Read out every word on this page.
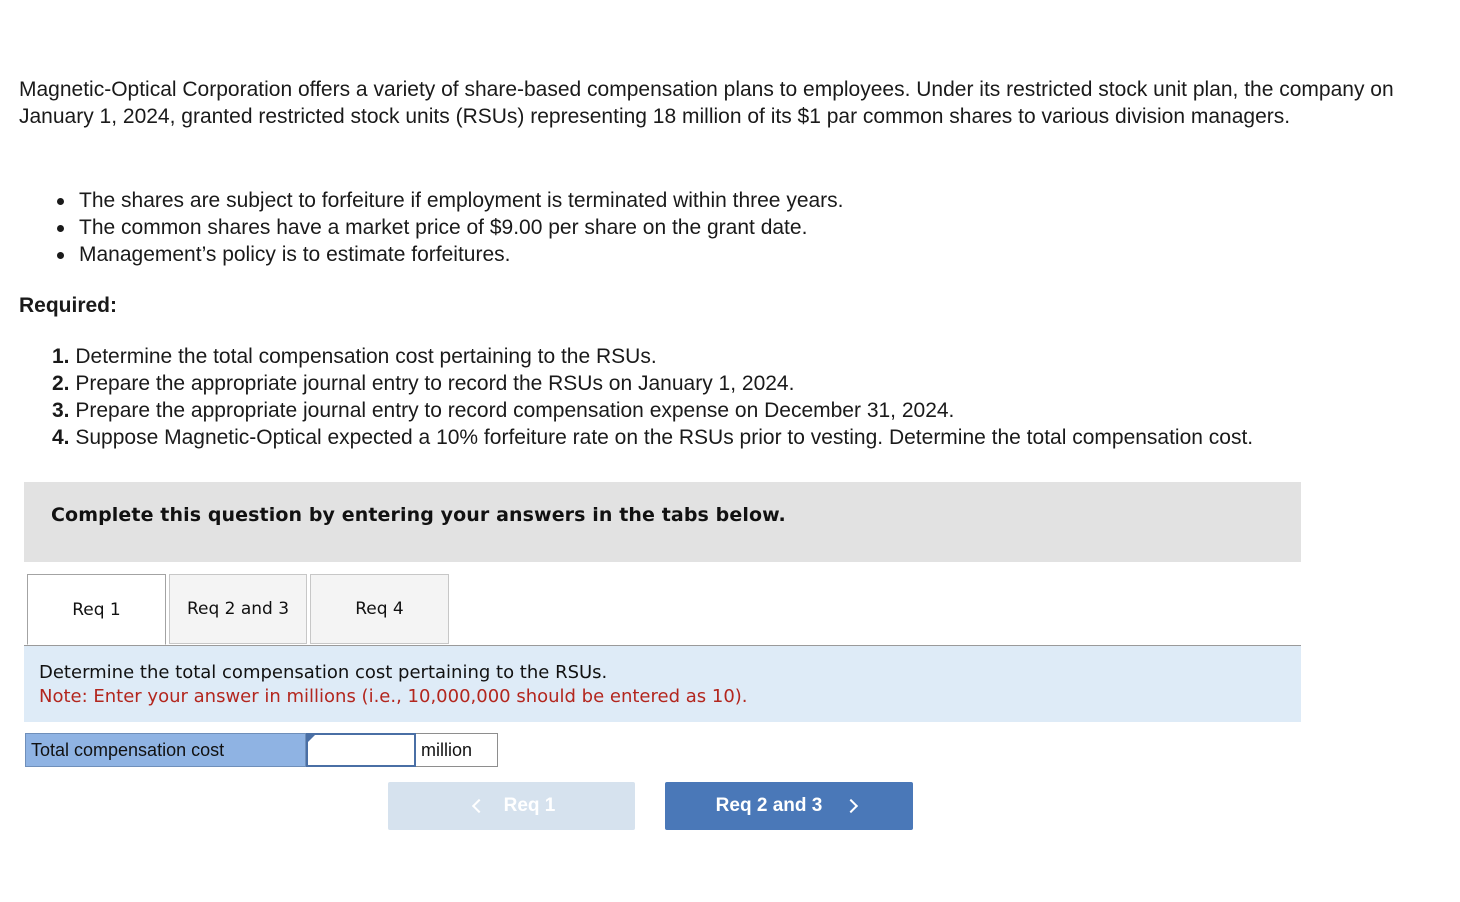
Magnetic-Optical Corporation offers a variety of share-based compensation plans to employees. Under its restricted stock unit plan, the company on January 1, 2024, granted restricted stock units (RSUs) representing 18 million of its $1 par common shares to various division managers.

The shares are subject to forfeiture if employment is terminated within three years.
The common shares have a market price of $9.00 per share on the grant date.
Management’s policy is to estimate forfeitures.

Required:

1. Determine the total compensation cost pertaining to the RSUs.
2. Prepare the appropriate journal entry to record the RSUs on January 1, 2024.
3. Prepare the appropriate journal entry to record compensation expense on December 31, 2024.
4. Suppose Magnetic-Optical expected a 10% forfeiture rate on the RSUs prior to vesting. Determine the total compensation cost.
Complete this question by entering your answers in the tabs below.
Req 1	Req 2 and 3	Req 4
Determine the total compensation cost pertaining to the RSUs.
Note: Enter your answer in millions (i.e., 10,000,000 should be entered as 10).
Total compensation cost	million
Req 1	Req 2 and 3
